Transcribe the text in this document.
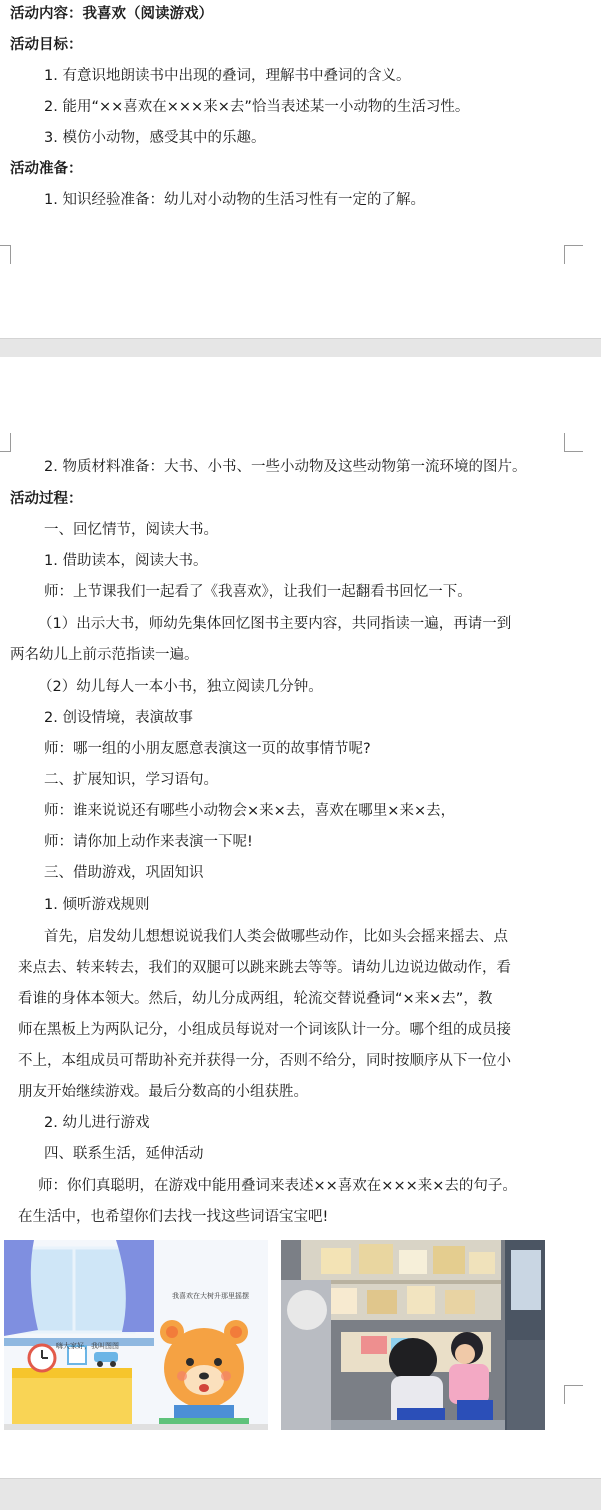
活动内容：我喜欢（阅读游戏）
活动目标：
1. 有意识地朗读书中出现的叠词，理解书中叠词的含义。
2. 能用“××喜欢在×××来×去”恰当表述某一小动物的生活习性。
3. 模仿小动物，感受其中的乐趣。
活动准备：
1. 知识经验准备：幼儿对小动物的生活习性有一定的了解。
2. 物质材料准备：大书、小书、一些小动物及这些动物第一流环境的图片。
活动过程：
一、回忆情节，阅读大书。
1. 借助读本，阅读大书。
师：上节课我们一起看了《我喜欢》，让我们一起翻看书回忆一下。
（1）出示大书，师幼先集体回忆图书主要内容，共同指读一遍，再请一到
两名幼儿上前示范指读一遍。
（2）幼儿每人一本小书，独立阅读几分钟。
2. 创设情境，表演故事
师：哪一组的小朋友愿意表演这一页的故事情节呢?
二、扩展知识，学习语句。
师：谁来说说还有哪些小动物会×来×去，喜欢在哪里×来×去，
师：请你加上动作来表演一下呢!
三、借助游戏，巩固知识
1. 倾听游戏规则
首先，启发幼儿想想说说我们人类会做哪些动作，比如头会摇来摇去、点
来点去、转来转去，我们的双腿可以跳来跳去等等。请幼儿边说边做动作，看
看谁的身体本领大。然后，幼儿分成两组，轮流交替说叠词“×来×去”，教
师在黑板上为两队记分，小组成员每说对一个词该队计一分。哪个组的成员接
不上，本组成员可帮助补充并获得一分，否则不给分，同时按顺序从下一位小
朋友开始继续游戏。最后分数高的小组获胜。
2. 幼儿进行游戏
四、联系生活，延伸活动
师：你们真聪明，在游戏中能用叠词来表述××喜欢在×××来×去的句子。
在生活中，也希望你们去找一找这些词语宝宝吧!
我喜欢在大树升那里摇摆
嗨大家好，我叫图图
